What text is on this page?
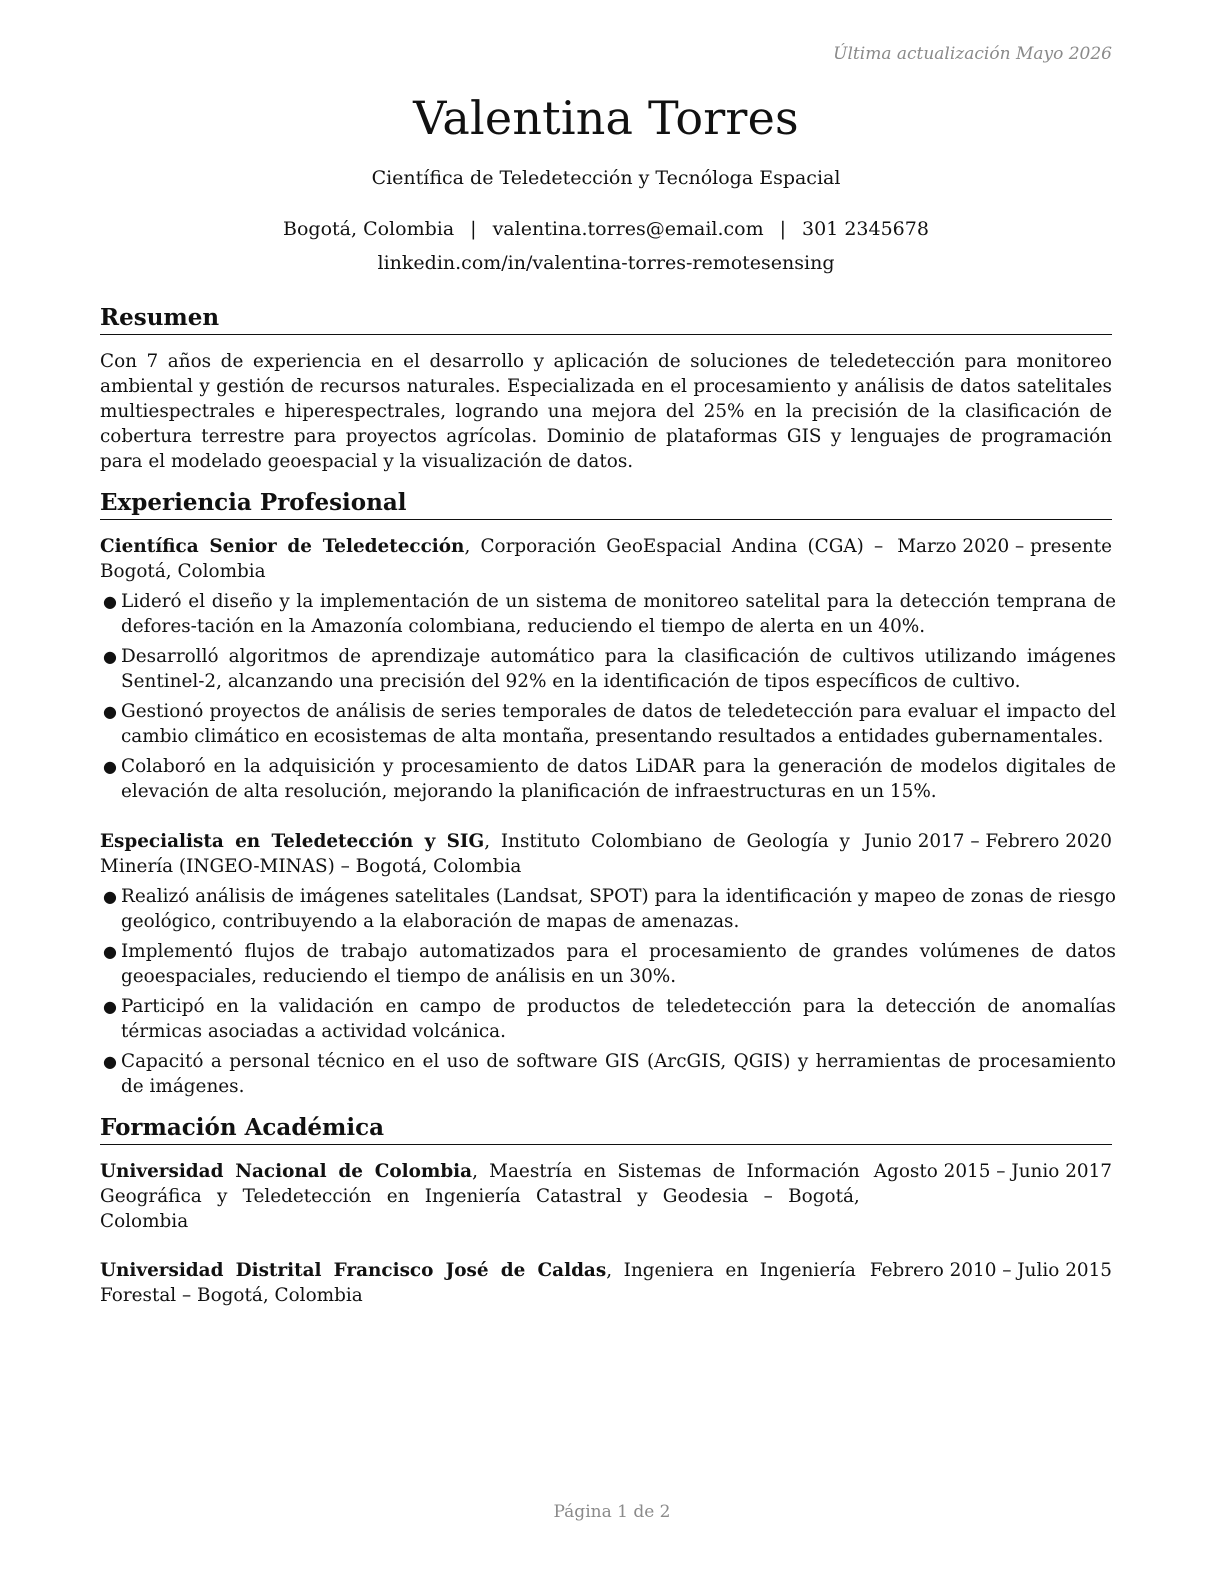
Última actualización Mayo 2026
Valentina Torres
Científica de Teledetección y Tecnóloga Espacial
Bogotá, Colombia | valentina.torres@email.com | 301 2345678
linkedin.com/in/valentina-torres-remotesensing
Resumen
Con 7 años de experiencia en el desarrollo y aplicación de soluciones de teledetección para monitoreo ambiental y gestión de recursos naturales. Especializada en el procesamiento y análisis de datos satelitales multiespectrales e hiperespectrales, logrando una mejora del 25% en la precisión de la clasificación de cobertura terrestre para proyectos agrícolas. Dominio de plataformas GIS y lenguajes de programación para el modelado geoespacial y la visualización de datos.
Experiencia Profesional
Científica Senior de Teledetección, Corporación GeoEspacial Andina (CGA) – Bogotá, Colombia
Marzo 2020 – presente
● Lideró el diseño y la implementación de un sistema de monitoreo satelital para la detección temprana de defores-tación en la Amazonía colombiana, reduciendo el tiempo de alerta en un 40%.
● Desarrolló algoritmos de aprendizaje automático para la clasificación de cultivos utilizando imágenes Sentinel-2, alcanzando una precisión del 92% en la identificación de tipos específicos de cultivo.
● Gestionó proyectos de análisis de series temporales de datos de teledetección para evaluar el impacto del cambio climático en ecosistemas de alta montaña, presentando resultados a entidades gubernamentales.
● Colaboró en la adquisición y procesamiento de datos LiDAR para la generación de modelos digitales de elevación de alta resolución, mejorando la planificación de infraestructuras en un 15%.
Especialista en Teledetección y SIG, Instituto Colombiano de Geología y Minería (INGEO-MINAS) – Bogotá, Colombia
Junio 2017 – Febrero 2020
● Realizó análisis de imágenes satelitales (Landsat, SPOT) para la identificación y mapeo de zonas de riesgo geológico, contribuyendo a la elaboración de mapas de amenazas.
● Implementó flujos de trabajo automatizados para el procesamiento de grandes volúmenes de datos geoespaciales, reduciendo el tiempo de análisis en un 30%.
● Participó en la validación en campo de productos de teledetección para la detección de anomalías térmicas asociadas a actividad volcánica.
● Capacitó a personal técnico en el uso de software GIS (ArcGIS, QGIS) y herramientas de procesamiento de imágenes.
Formación Académica
Universidad Nacional de Colombia, Maestría en Sistemas de Información Geográfica y Teledetección en Ingeniería Catastral y Geodesia – Bogotá, Colombia
Agosto 2015 – Junio 2017
Universidad Distrital Francisco José de Caldas, Ingeniera en Ingeniería Forestal – Bogotá, Colombia
Febrero 2010 – Julio 2015
Página 1 de 2
